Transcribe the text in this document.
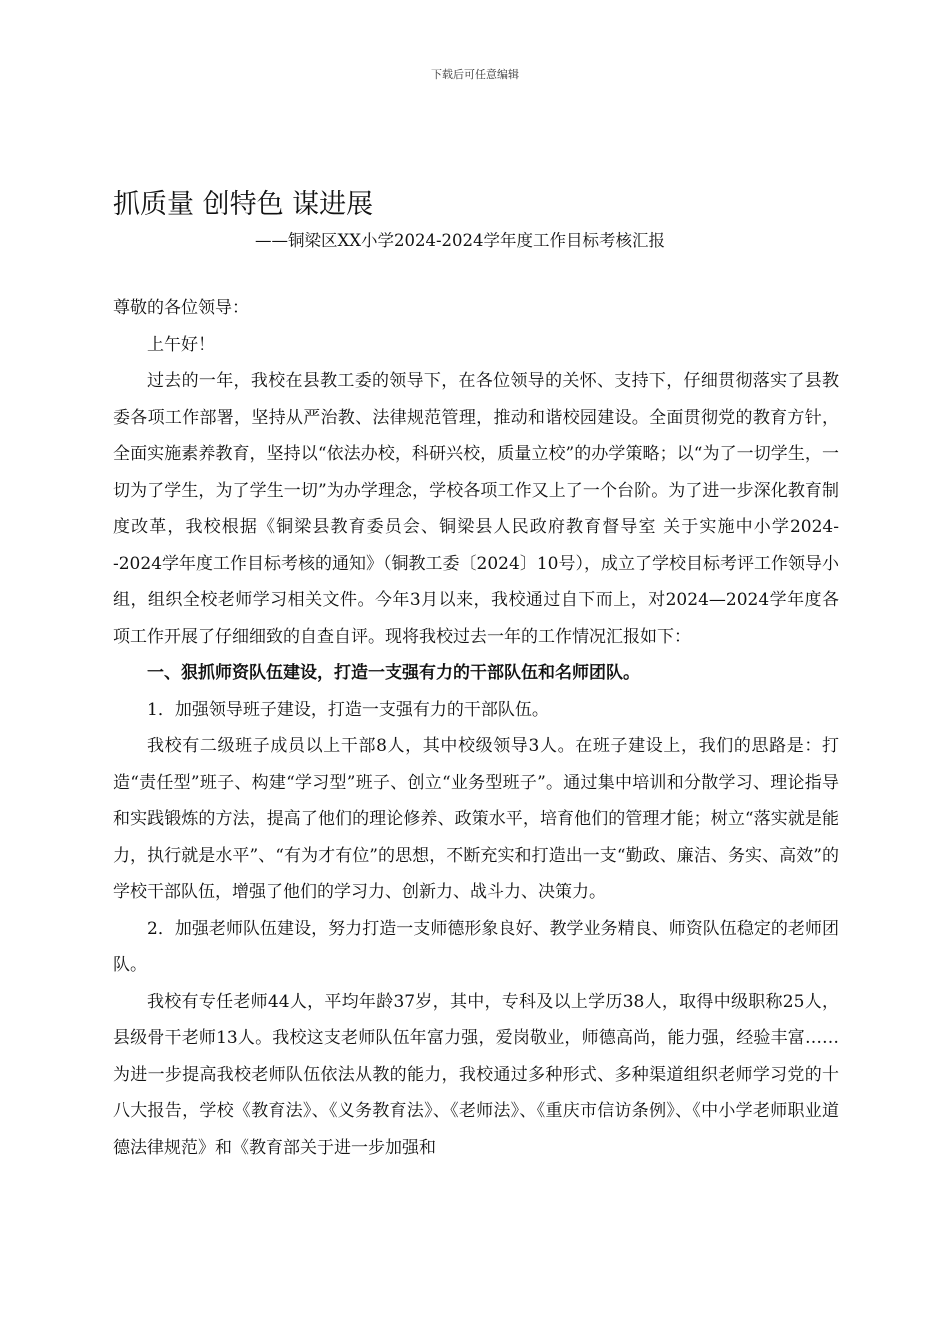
下载后可任意编辑
抓质量 创特色 谋进展
——铜梁区XX小学2024-2024学年度工作目标考核汇报

尊敬的各位领导：

上午好！

过去的一年，我校在县教工委的领导下，在各位领导的关怀、支持下，仔细贯彻落实了县教委各项工作部署，坚持从严治教、法律规范管理，推动和谐校园建设。全面贯彻党的教育方针，全面实施素养教育，坚持以“依法办校，科研兴校，质量立校”的办学策略；以“为了一切学生，一切为了学生，为了学生一切”为办学理念，学校各项工作又上了一个台阶。为了进一步深化教育制度改革，我校根据《铜梁县教育委员会、铜梁县人民政府教育督导室 关于实施中小学2024--2024学年度工作目标考核的通知》（铜教工委〔2024〕10号），成立了学校目标考评工作领导小组，组织全校老师学习相关文件。今年3月以来，我校通过自下而上，对2024—2024学年度各项工作开展了仔细细致的自查自评。现将我校过去一年的工作情况汇报如下：

一、狠抓师资队伍建设，打造一支强有力的干部队伍和名师团队。

1．加强领导班子建设，打造一支强有力的干部队伍。

我校有二级班子成员以上干部8人，其中校级领导3人。在班子建设上，我们的思路是：打造“责任型”班子、构建“学习型”班子、创立“业务型班子”。通过集中培训和分散学习、理论指导和实践锻炼的方法，提高了他们的理论修养、政策水平，培育他们的管理才能；树立“落实就是能力，执行就是水平”、“有为才有位”的思想，不断充实和打造出一支“勤政、廉洁、务实、高效”的学校干部队伍，增强了他们的学习力、创新力、战斗力、决策力。

2．加强老师队伍建设，努力打造一支师德形象良好、教学业务精良、师资队伍稳定的老师团队。

我校有专任老师44人，平均年龄37岁，其中，专科及以上学历38人，取得中级职称25人，县级骨干老师13人。我校这支老师队伍年富力强，爱岗敬业，师德高尚，能力强，经验丰富……为进一步提高我校老师队伍依法从教的能力，我校通过多种形式、多种渠道组织老师学习党的十八大报告，学校《教育法》、《义务教育法》、《老师法》、《重庆市信访条例》、《中小学老师职业道德法律规范》和《教育部关于进一步加强和
